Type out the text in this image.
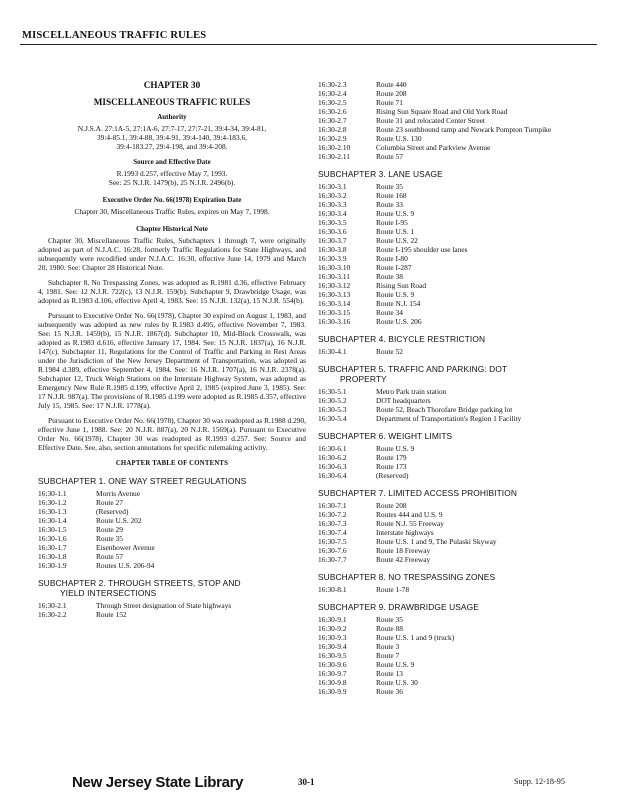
MISCELLANEOUS TRAFFIC RULES
CHAPTER 30
MISCELLANEOUS TRAFFIC RULES
Authority
N.J.S.A. 27:1A-5, 27:1A-6, 27:7-17, 27:7-21, 39:4-34, 39:4-81,
39:4-85.1, 39:4-88, 39:4-91, 39:4-140, 39:4-183.6,
39:4-183.27, 29:4-198, and 39:4-208.
Source and Effective Date
R.1993 d.257, effective May 7, 1993.
See: 25 N.J.R. 1479(b), 25 N.J.R. 2496(b).
Executive Order No. 66(1978) Expiration Date
Chapter 30, Miscellaneous Traffic Rules, expires on May 7, 1998.
Chapter Historical Note

Chapter 30, Miscellaneous Traffic Rules, Subchapters 1 through 7, were originally adopted as part of N.J.A.C. 16:28, formerly Traffic Regulations for State Highways, and subsequently were recodified under N.J.A.C. 16:30, effective June 14, 1979 and March 20, 1980. See: Chapter 28 Historical Note.

Subchapter 8, No Trespassing Zones, was adopted as R.1981 d.36, effective February 4, 1981. See: 12 N.J.R. 722(c), 13 N.J.R. 159(b). Subchapter 9, Drawbridge Usage, was adopted as R.1983 d.106, effective April 4, 1983. See: 15 N.J.R. 132(a), 15 N.J.R. 554(b).

Pursuant to Executive Order No. 66(1978), Chapter 30 expired on August 1, 1983, and subsequently was adopted as new rules by R.1983 d.495, effective November 7, 1983. See: 15 N.J.R. 1459(b), 15 N.J.R. 1867(d). Subchapter 10, Mid-Block Crosswalk, was adopted as R.1983 d.616, effective January 17, 1984. See: 15 N.J.R. 1837(a), 16 N.J.R. 147(c). Subchapter 11, Regulations for the Control of Traffic and Parking in Rest Areas under the Jurisdiction of the New Jersey Department of Transportation, was adopted as R.1984 d.389, effective September 4, 1984. See: 16 N.J.R. 1707(a), 16 N.J.R. 2378(a). Subchapter 12, Truck Weigh Stations on the Interstate Highway System, was adopted as Emergency New Rule R.1985 d.199, effective April 2, 1985 (expired June 3, 1985). See: 17 N.J.R. 987(a). The provisions of R.1985 d.199 were adopted as R.1985 d.357, effective July 15, 1985. See: 17 N.J.R. 1778(a).

Pursuant to Executive Order No. 66(1978), Chapter 30 was readopted as R.1988 d.290, effective June 1, 1988. See: 20 N.J.R. 887(a), 20 N.J.R. 1569(a). Pursuant to Executive Order No. 66(1978), Chapter 30 was readopted as R.1993 d.257. See: Source and Effective Date. See, also, section annotations for specific rulemaking activity.

CHAPTER TABLE OF CONTENTS
SUBCHAPTER 1. ONE WAY STREET REGULATIONS
16:30-1.1	Morris Avenue
16:30-1.2	Route 27
16:30-1.3	(Reserved)
16:30-1.4	Route U.S. 202
16:30-1.5	Route 29
16:30-1.6	Route 35
16:30-1.7	Eisenhower Avenue
16:30-1.8	Route 57
16:30-1.9	Routes U.S. 206-94
SUBCHAPTER 2. THROUGH STREETS, STOP AND
YIELD INTERSECTIONS
16:30-2.1	Through Street designation of State highways
16:30-2.2	Route 152
16:30-2.3	Route 440
16:30-2.4	Route 208
16:30-2.5	Route 71
16:30-2.6	Rising Sun Square Road and Old York Road
16:30-2.7	Route 31 and relocated Center Street
16:30-2.8	Route 23 southbound ramp and Newark Pompton Turnpike
16:30-2.9	Route U.S. 130
16:30-2.10	Columbia Street and Parkview Avenue
16:30-2.11	Route 57
SUBCHAPTER 3. LANE USAGE
16:30-3.1	Route 35
16:30-3.2	Route 168
16:30-3.3	Route 33
16:30-3.4	Route U.S. 9
16:30-3.5	Route I-95
16:30-3.6	Route U.S. 1
16:30-3.7	Route U.S. 22
16:30-3.8	Route I-195 shoulder use lanes
16:30-3.9	Route I-80
16:30-3.10	Route I-287
16:30-3.11	Route 38
16:30-3.12	Rising Sun Road
16:30-3.13	Route U.S. 9
16:30-3.14	Route N.J. 154
16:30-3.15	Route 34
16:30-3.16	Route U.S. 206
SUBCHAPTER 4. BICYCLE RESTRICTION
16:30-4.1	Route 52
SUBCHAPTER 5. TRAFFIC AND PARKING: DOT
PROPERTY
16:30-5.1	Metro Park train station
16:30-5.2	DOT headquarters
16:30-5.3	Route 52, Beach Thorofare Bridge parking lot
16:30-5.4	Department of Transportation's Region 1 Facility
SUBCHAPTER 6. WEIGHT LIMITS
16:30-6.1	Route U.S. 9
16:30-6.2	Route 179
16:30-6.3	Route 173
16:30-6.4	(Reserved)
SUBCHAPTER 7. LIMITED ACCESS PROHIBITION
16:30-7.1	Route 208
16:30-7.2	Routes 444 and U.S. 9
16:30-7.3	Route N.J. 55 Freeway
16:30-7.4	Interstate highways
16:30-7.5	Route U.S. 1 and 9, The Pulaski Skyway
16:30-7.6	Route 18 Freeway
16:30-7.7	Route 42 Freeway
SUBCHAPTER 8. NO TRESPASSING ZONES
16:30-8.1	Route 1-78
SUBCHAPTER 9. DRAWBRIDGE USAGE
16:30-9.1	Route 35
16:30-9.2	Route 88
16:30-9.3	Route U.S. 1 and 9 (truck)
16:30-9.4	Route 3
16:30-9.5	Route 7
16:30-9.6	Route U.S. 9
16:30-9.7	Route 13
16:30-9.8	Route U.S. 30
16:30-9.9	Route 36
New Jersey State Library	30-1	Supp. 12-18-95
